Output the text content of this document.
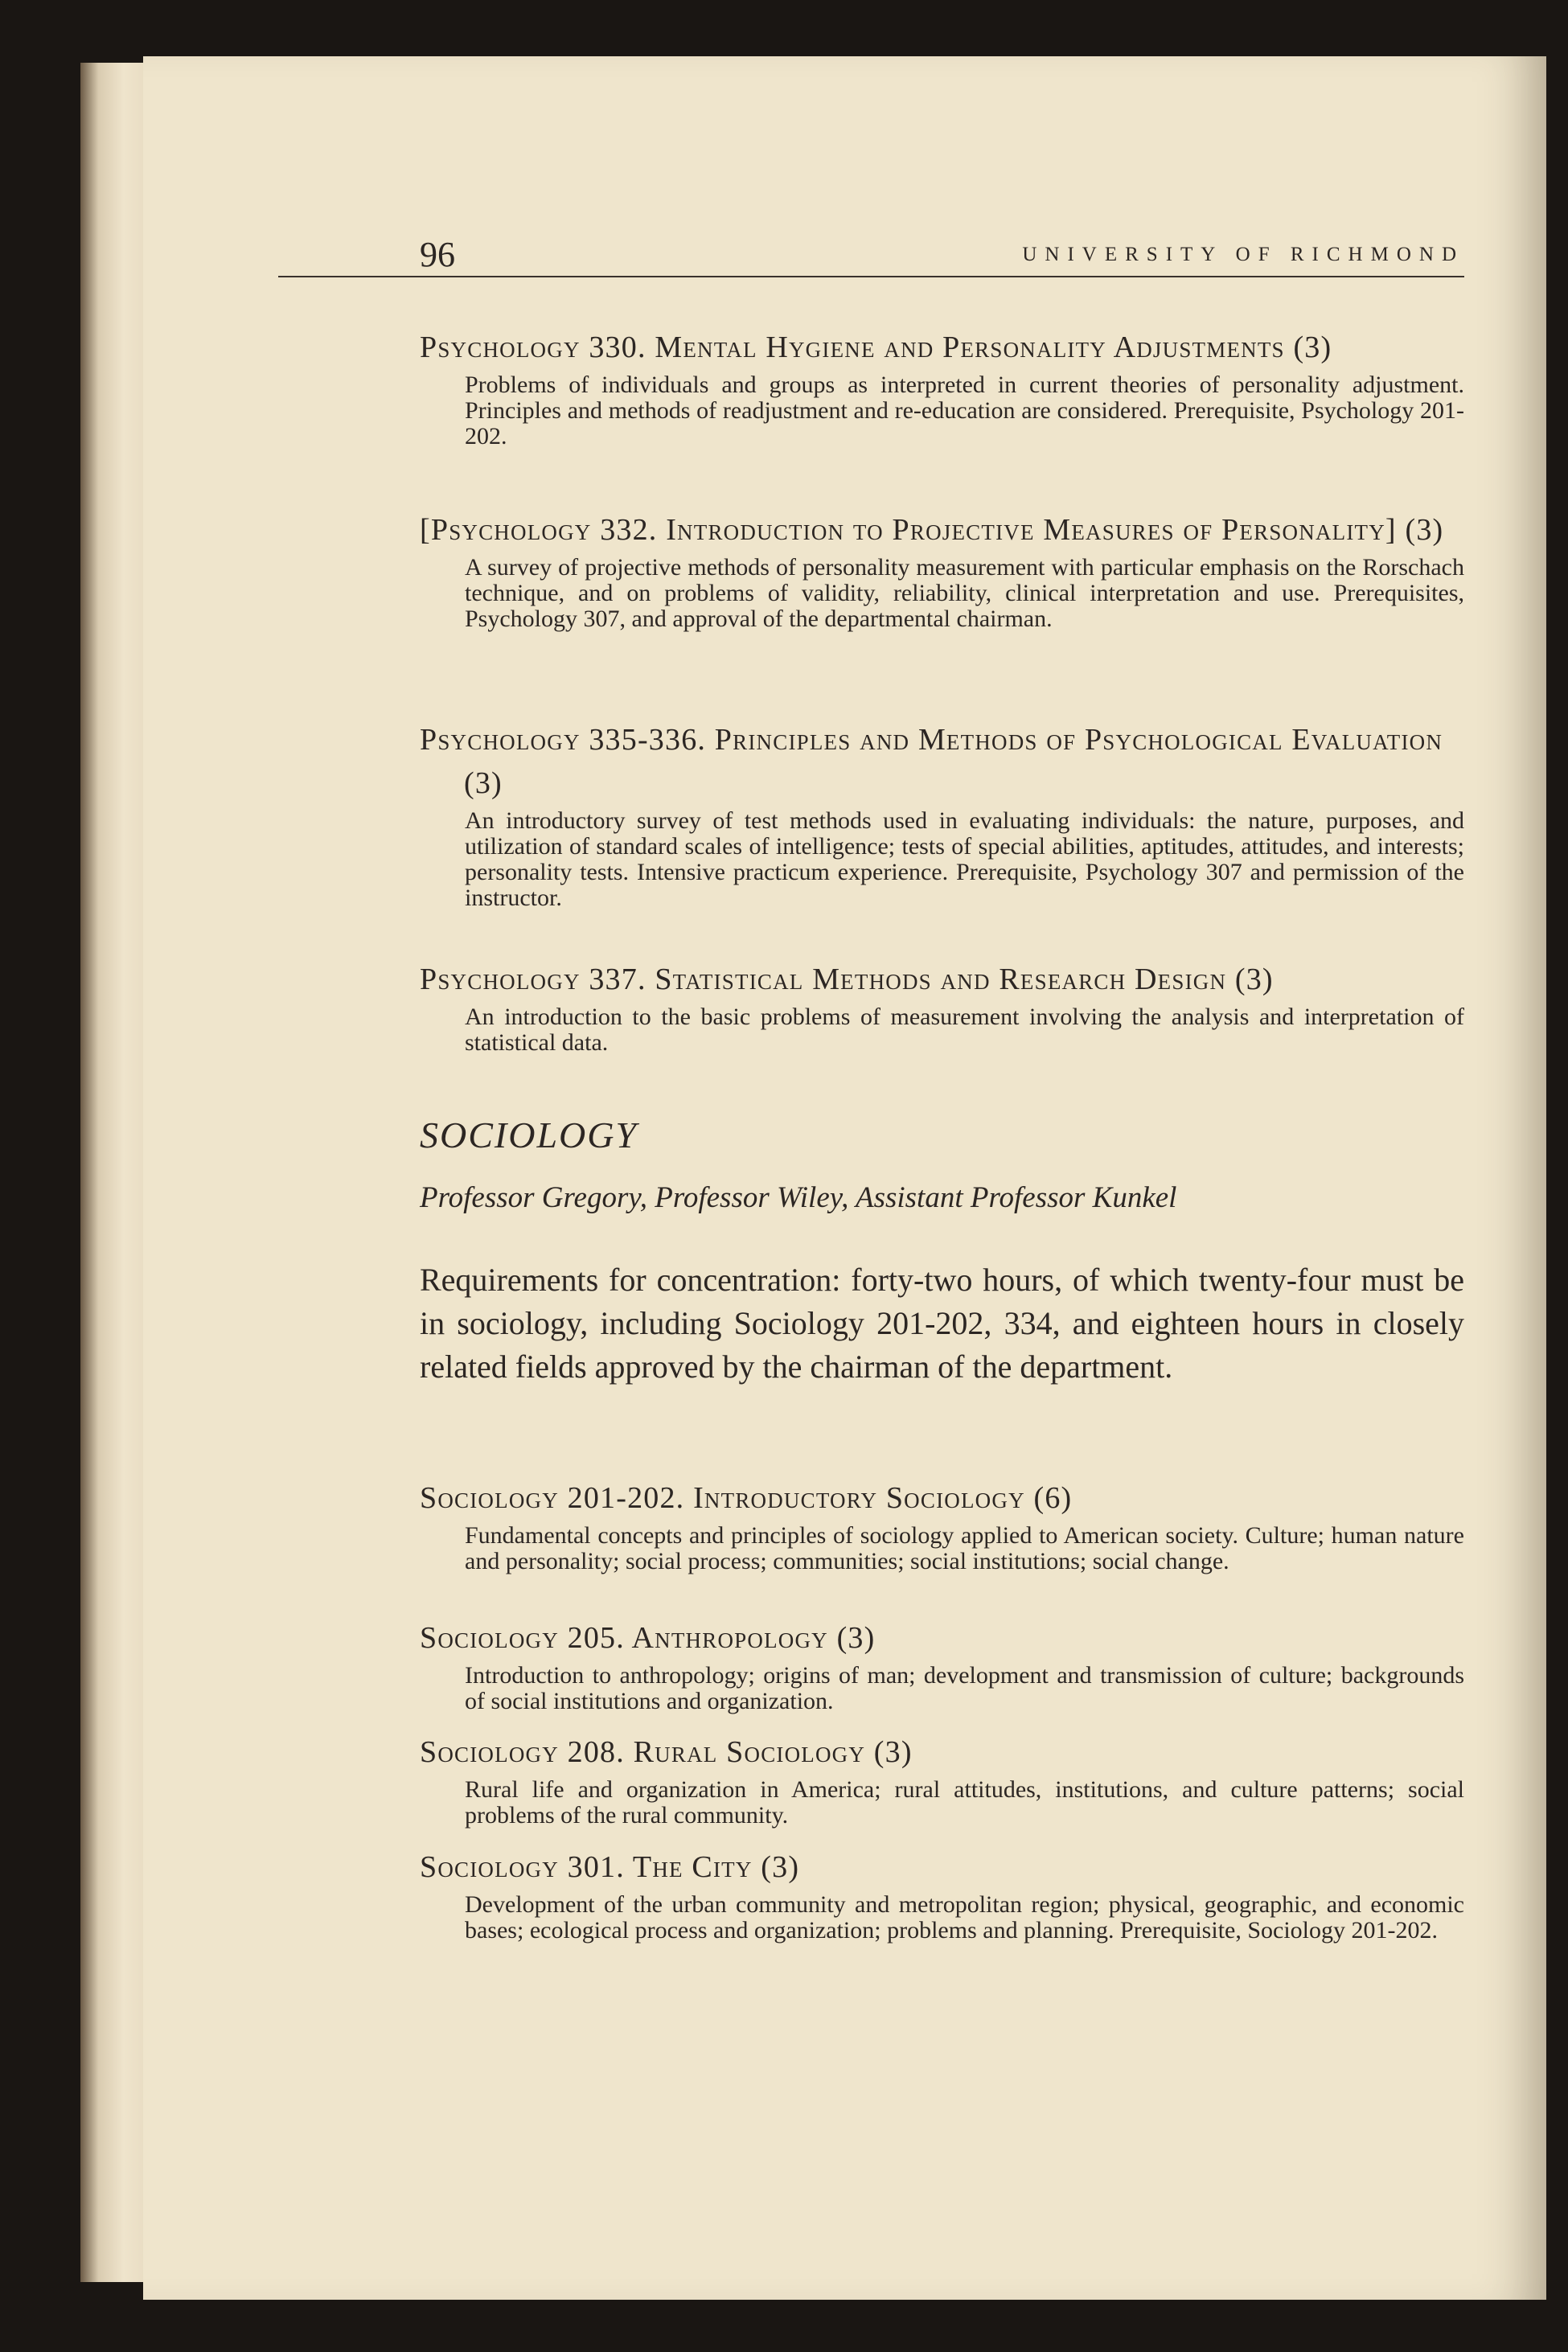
96	UNIVERSITY OF RICHMOND
Psychology 330. Mental Hygiene and Personality Adjustments (3)
Problems of individuals and groups as interpreted in current theories of personality adjustment. Principles and methods of readjustment and re-education are considered. Prerequisite, Psychology 201-202.
[Psychology 332. Introduction to Projective Measures of Personality] (3)
A survey of projective methods of personality measurement with particular emphasis on the Rorschach technique, and on problems of validity, reliability, clinical interpretation and use. Prerequisites, Psychology 307, and approval of the departmental chairman.
Psychology 335-336. Principles and Methods of Psychological Evaluation (3)
An introductory survey of test methods used in evaluating individuals: the nature, purposes, and utilization of standard scales of intelligence; tests of special abilities, aptitudes, attitudes, and interests; personality tests. Intensive practicum experience. Prerequisite, Psychology 307 and permission of the instructor.
Psychology 337. Statistical Methods and Research Design (3)
An introduction to the basic problems of measurement involving the analysis and interpretation of statistical data.
SOCIOLOGY
Professor Gregory, Professor Wiley, Assistant Professor Kunkel
Requirements for concentration: forty-two hours, of which twenty-four must be in sociology, including Sociology 201-202, 334, and eighteen hours in closely related fields approved by the chairman of the department.
Sociology 201-202. Introductory Sociology (6)
Fundamental concepts and principles of sociology applied to American society. Culture; human nature and personality; social process; communities; social institutions; social change.
Sociology 205. Anthropology (3)
Introduction to anthropology; origins of man; development and transmission of culture; backgrounds of social institutions and organization.
Sociology 208. Rural Sociology (3)
Rural life and organization in America; rural attitudes, institutions, and culture patterns; social problems of the rural community.
Sociology 301. The City (3)
Development of the urban community and metropolitan region; physical, geographic, and economic bases; ecological process and organization; problems and planning. Prerequisite, Sociology 201-202.
